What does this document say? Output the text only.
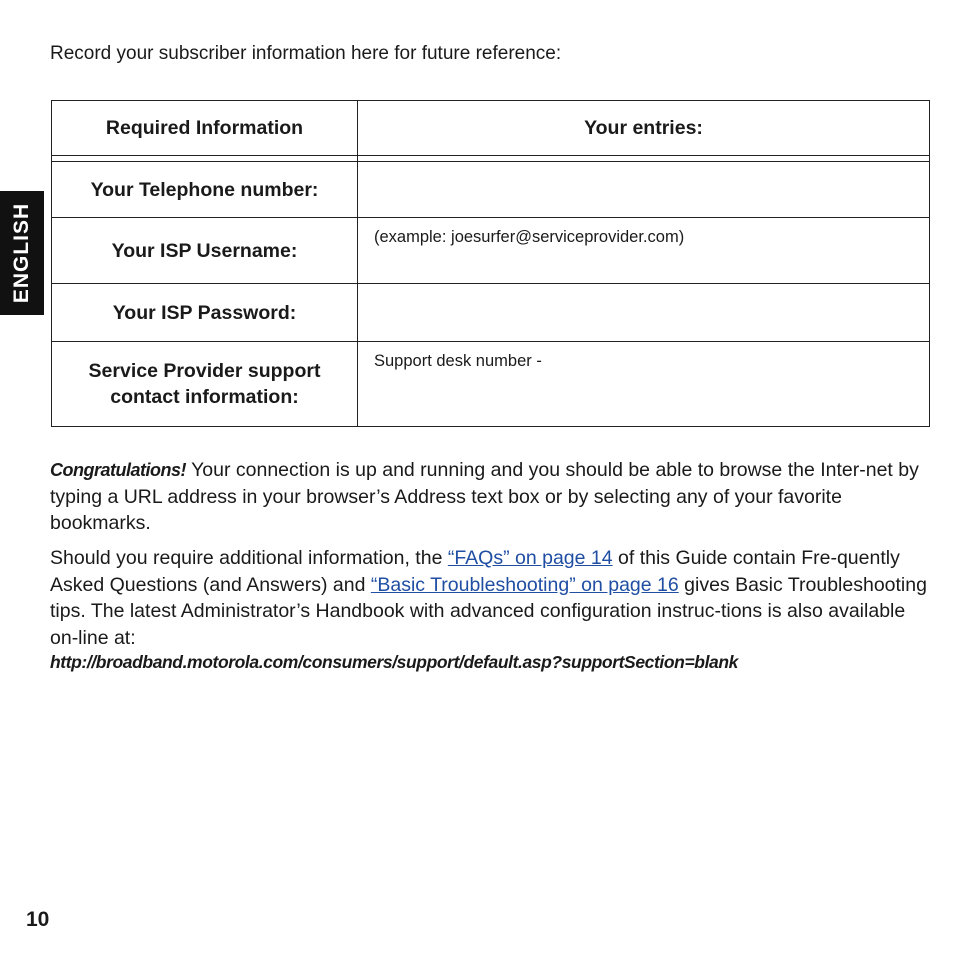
Record your subscriber information here for future reference:

ENGLISH
Required Information	Your entries:

Your Telephone number:	
Your ISP Username:	(example: joesurfer@serviceprovider.com)
Your ISP Password:	
Service Provider support
contact information:	Support desk number -

Congratulations! Your connection is up and running and you should be able to browse the Inter-net by typing a URL address in your browser’s Address text box or by selecting any of your favorite bookmarks.

Should you require additional information, the “FAQs” on page 14 of this Guide contain Fre-quently Asked Questions (and Answers) and “Basic Troubleshooting” on page 16 gives Basic Troubleshooting tips. The latest Administrator’s Handbook with advanced configuration instruc-tions is also available on-line at:

http://broadband.motorola.com/consumers/support/default.asp?supportSection=blank

10
